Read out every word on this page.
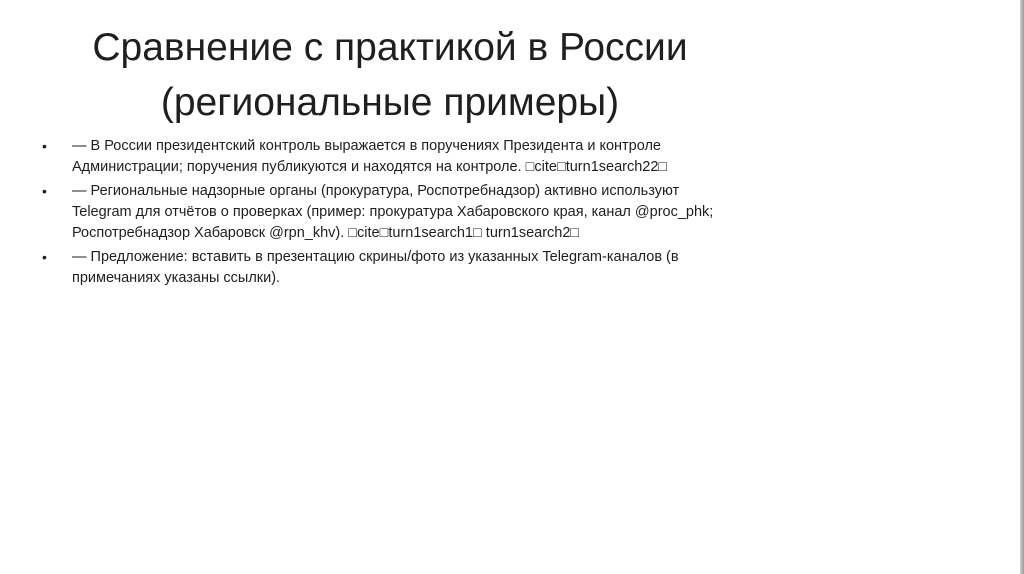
Сравнение с практикой в России
(региональные примеры)
• — В России президентский контроль выражается в поручениях Президента и контроле Администрации; поручения публикуются и находятся на контроле. □cite□turn1search22□
• — Региональные надзорные органы (прокуратура, Роспотребнадзор) активно используют Telegram для отчётов о проверках (пример: прокуратура Хабаровского края, канал @proc_phk; Роспотребнадзор Хабаровск @rpn_khv). □cite□turn1search1□ turn1search2□
• — Предложение: вставить в презентацию скрины/фото из указанных Telegram-каналов (в примечаниях указаны ссылки).
